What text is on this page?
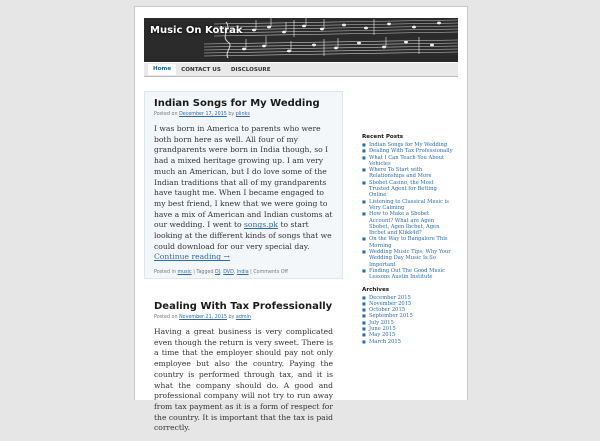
Music On Kotrak
Home	CONTACT US	DISCLOSURE
Indian Songs for My Wedding
Posted on December 17, 2015 by plinks
I was born in America to parents who were both born here as well. All four of my grandparents were born in India though, so I had a mixed heritage growing up. I am very much an American, but I do love some of the Indian traditions that all of my grandparents have taught me. When I became engaged to my best friend, I knew that we were going to have a mix of American and Indian customs at our wedding. I went to songs.pk to start looking at the different kinds of songs that we could download for our very special day. Continue reading →
Posted in music | Tagged DJ, DVD, India | Comments Off
Dealing With Tax Professionally
Posted on November 21, 2015 by admin
Having a great business is very complicated even though the return is very sweet. There is a time that the employer should pay not only employee but also the country. Paying the country is performed through tax, and it is what the company should do. A good and professional company will not try to run away from tax payment as it is a form of respect for the country. It is important that the tax is paid correctly.
Recent Posts
■ Indian Songs for My Wedding
■ Dealing With Tax Professionally
■ What I Can Teach You About Vehicles
■ Where To Start with Relationships and More
■ Sbobet Casino, the Most Trusted Agent for Betting Online
■ Listening to Classical Music is Very Calming
■ How to Make a Sbobet Account? What are Agen Sbobet, Agen Ibcbet, Agen Ibcbet and Klikk4d?
■ On the Way to Bangalore This Morning
■ Wedding Music Tips, Why Your Wedding Day Music Is So Important
■ Finding Out The Good Music Lessons Austin Institute
Archives
■ December 2015
■ November 2015
■ October 2015
■ September 2015
■ July 2015
■ June 2015
■ May 2015
■ March 2015
